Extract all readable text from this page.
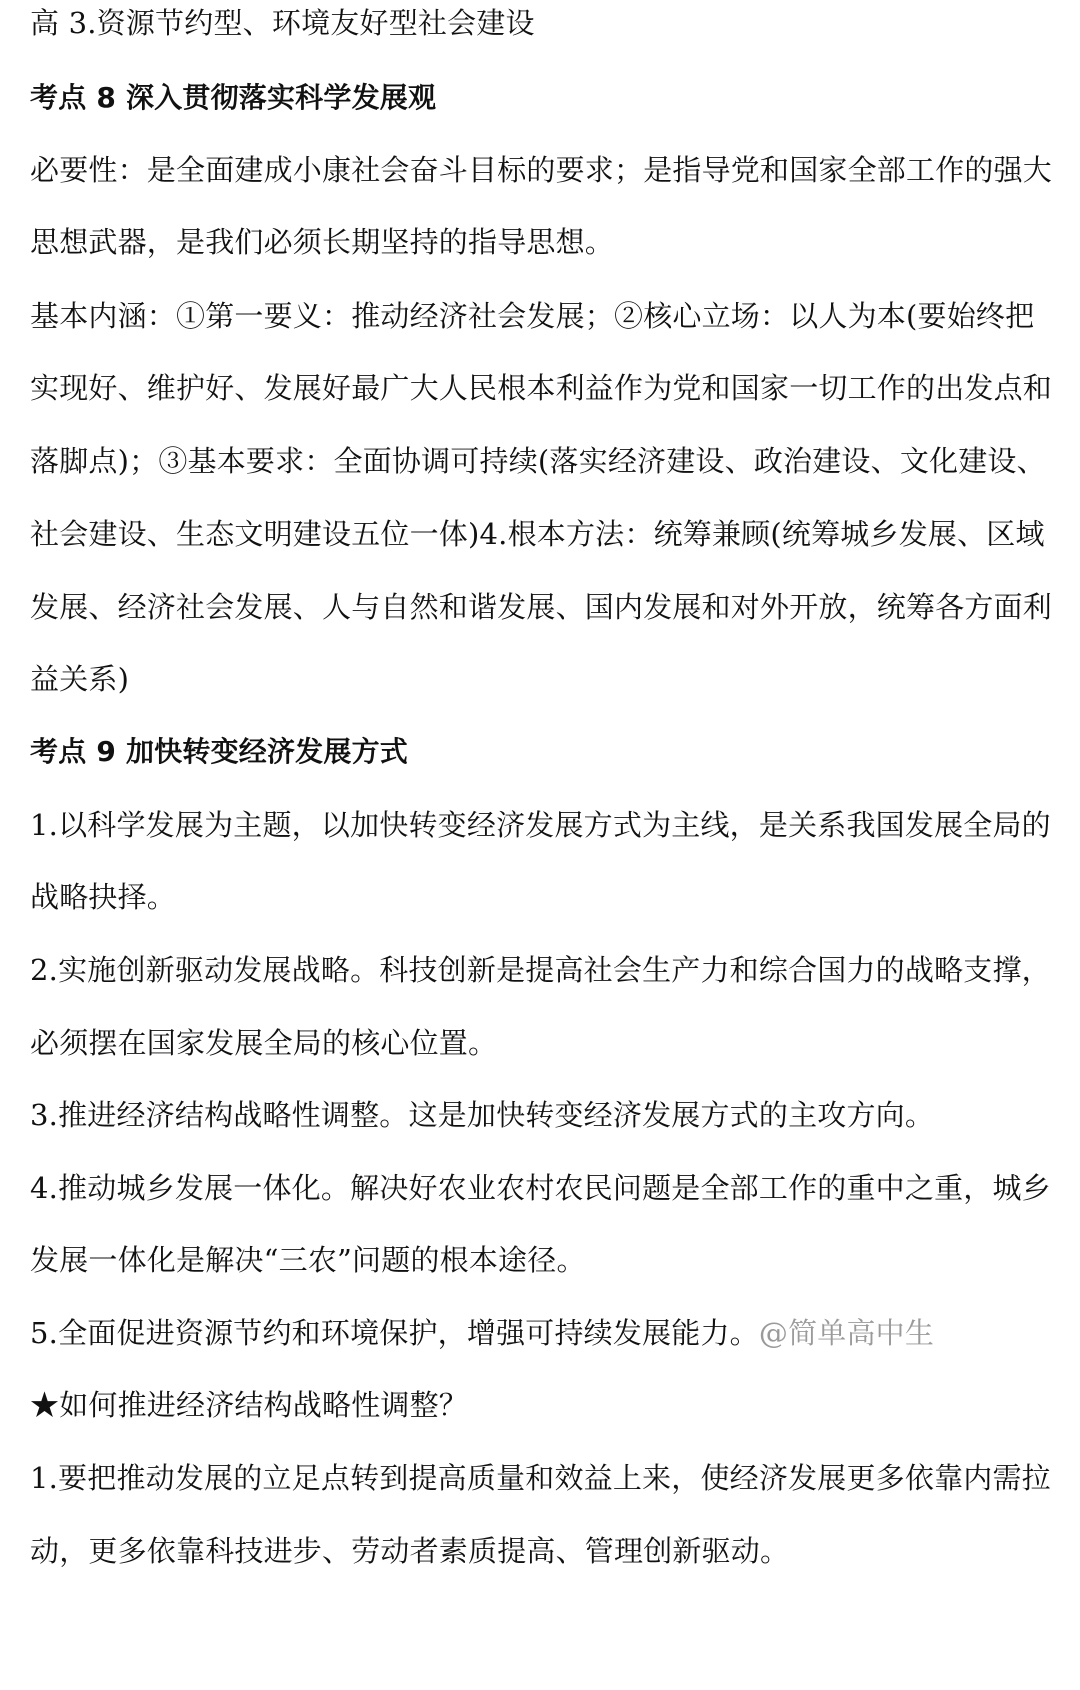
高 3.资源节约型、环境友好型社会建设
考点 8 深入贯彻落实科学发展观
必要性：是全面建成小康社会奋斗目标的要求；是指导党和国家全部工作的强大
思想武器，是我们必须长期坚持的指导思想。
基本内涵：①第一要义：推动经济社会发展；②核心立场：以人为本(要始终把
实现好、维护好、发展好最广大人民根本利益作为党和国家一切工作的出发点和
落脚点)；③基本要求：全面协调可持续(落实经济建设、政治建设、文化建设、
社会建设、生态文明建设五位一体)4.根本方法：统筹兼顾(统筹城乡发展、区域
发展、经济社会发展、人与自然和谐发展、国内发展和对外开放，统筹各方面利
益关系)
考点 9 加快转变经济发展方式
1.以科学发展为主题，以加快转变经济发展方式为主线，是关系我国发展全局的
战略抉择。
2.实施创新驱动发展战略。科技创新是提高社会生产力和综合国力的战略支撑，
必须摆在国家发展全局的核心位置。
3.推进经济结构战略性调整。这是加快转变经济发展方式的主攻方向。
4.推动城乡发展一体化。解决好农业农村农民问题是全部工作的重中之重，城乡
发展一体化是解决“三农”问题的根本途径。
5.全面促进资源节约和环境保护，增强可持续发展能力。@简单高中生
★如何推进经济结构战略性调整？
1.要把推动发展的立足点转到提高质量和效益上来，使经济发展更多依靠内需拉
动，更多依靠科技进步、劳动者素质提高、管理创新驱动。
